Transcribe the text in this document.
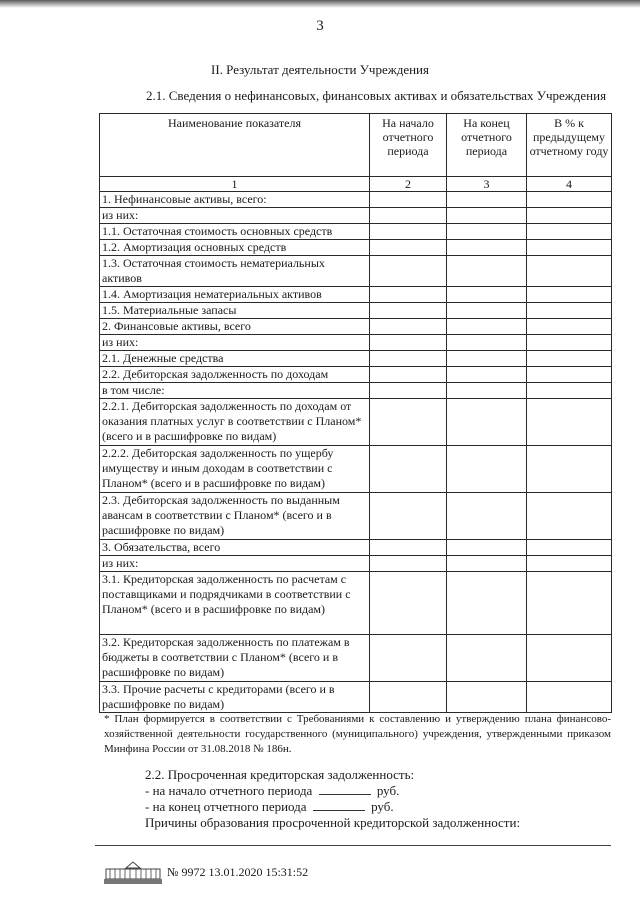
3
II. Результат деятельности Учреждения
2.1. Сведения о нефинансовых, финансовых активах и обязательствах Учреждения
Наименование показателя	На начало отчетного периода	На конец отчетного периода	В % к предыдущему отчетному году
1	2	3	4
1. Нефинансовые активы, всего:			
из них:			
1.1. Остаточная стоимость основных средств			
1.2. Амортизация основных средств			
1.3. Остаточная стоимость нематериальных активов			
1.4. Амортизация нематериальных активов			
1.5. Материальные запасы			
2. Финансовые активы, всего			
из них:			
2.1. Денежные средства			
2.2. Дебиторская задолженность по доходам			
в том числе:			
2.2.1. Дебиторская задолженность по доходам от оказания платных услуг в соответствии с Планом*(всего и в расшифровке по видам)			
2.2.2. Дебиторская задолженность по ущербу имуществу и иным доходам в соответствии с Планом* (всего и в расшифровке по видам)			
2.3. Дебиторская задолженность по выданным авансам в соответствии с Планом* (всего и в расшифровке по видам)			
3. Обязательства, всего			
из них:			
3.1. Кредиторская задолженность по расчетам с поставщиками и подрядчиками в соответствии с Планом* (всего и в расшифровке по видам)			
3.2. Кредиторская задолженность по платежам в бюджеты в соответствии с Планом* (всего и в расшифровке по видам)			
3.3. Прочие расчеты с кредиторами (всего и в расшифровке по видам)			
* План формируется в соответствии с Требованиями к составлению и утверждению плана финансово-хозяйственной деятельности государственного (муниципального) учреждения, утвержденными приказом Минфина России от 31.08.2018 № 186н.
2.2. Просроченная кредиторская задолженность:
- на начало отчетного периода	руб.
- на конец отчетного периода	руб.
Причины образования просроченной кредиторской задолженности:
№ 9972 13.01.2020 15:31:52
